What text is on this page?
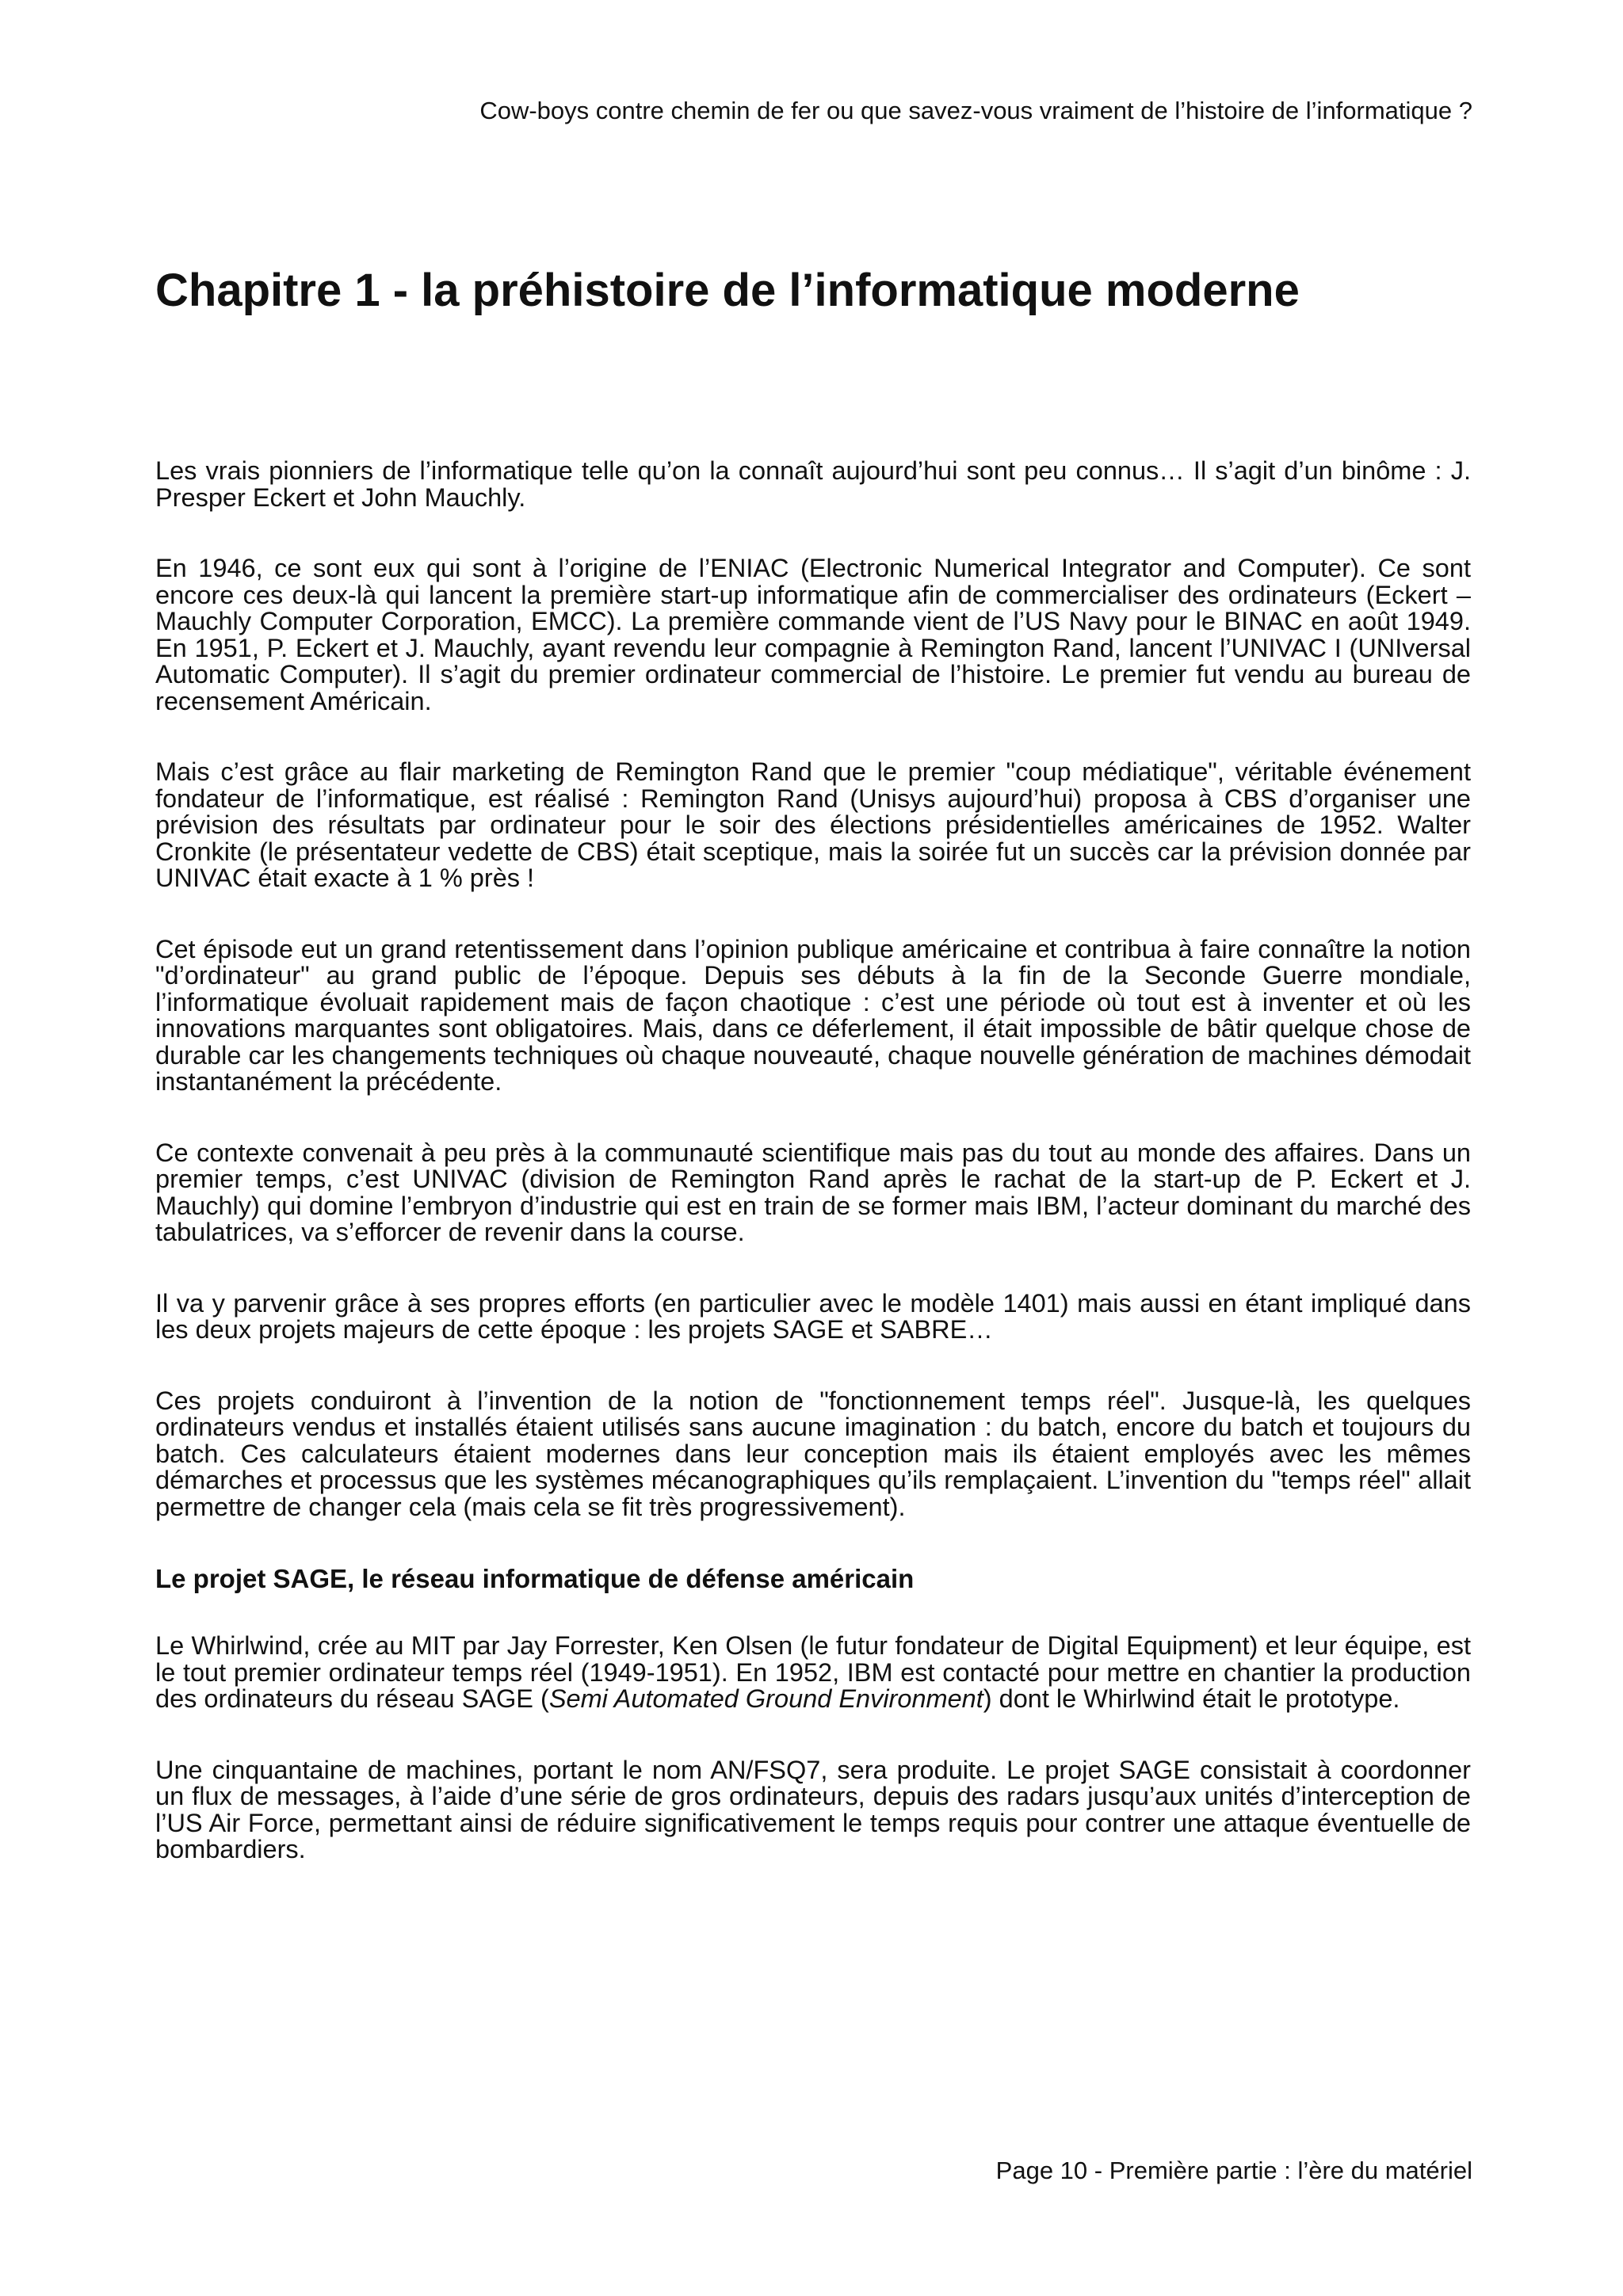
Cow-boys contre chemin de fer ou que savez-vous vraiment de l’histoire de l’informatique ?
Chapitre 1 - la préhistoire de l’informatique moderne

Les vrais pionniers de l’informatique telle qu’on la connaît aujourd’hui sont peu connus… Il s’agit d’un binôme : J. Presper Eckert et John Mauchly.

En 1946, ce sont eux qui sont à l’origine de l’ENIAC (Electronic Numerical Integrator and Computer). Ce sont encore ces deux-là qui lancent la première start-up informatique afin de commercialiser des ordinateurs (Eckert – Mauchly Computer Corporation, EMCC). La première commande vient de l’US Navy pour le BINAC en août 1949. En 1951, P. Eckert et J. Mauchly, ayant revendu leur compagnie à Remington Rand, lancent l’UNIVAC I (UNIversal Automatic Computer). Il s’agit du premier ordinateur commercial de l’histoire. Le premier fut vendu au bureau de recensement Américain.

Mais c’est grâce au flair marketing de Remington Rand que le premier "coup médiatique", véritable événement fondateur de l’informatique, est réalisé : Remington Rand (Unisys aujourd’hui) proposa à CBS d’organiser une prévision des résultats par ordinateur pour le soir des élections présidentielles américaines de 1952. Walter Cronkite (le présentateur vedette de CBS) était sceptique, mais la soirée fut un succès car la prévision donnée par UNIVAC était exacte à 1 % près !

Cet épisode eut un grand retentissement dans l’opinion publique américaine et contribua à faire connaître la notion "d’ordinateur" au grand public de l’époque. Depuis ses débuts à la fin de la Seconde Guerre mondiale, l’informatique évoluait rapidement mais de façon chaotique : c’est une période où tout est à inventer et où les innovations marquantes sont obligatoires. Mais, dans ce déferlement, il était impossible de bâtir quelque chose de durable car les changements techniques où chaque nouveauté, chaque nouvelle génération de machines démodait instantanément la précédente.

Ce contexte convenait à peu près à la communauté scientifique mais pas du tout au monde des affaires. Dans un premier temps, c’est UNIVAC (division de Remington Rand après le rachat de la start-up de P. Eckert et J. Mauchly) qui domine l’embryon d’industrie qui est en train de se former mais IBM, l’acteur dominant du marché des tabulatrices, va s’efforcer de revenir dans la course.

Il va y parvenir grâce à ses propres efforts (en particulier avec le modèle 1401) mais aussi en étant impliqué dans les deux projets majeurs de cette époque : les projets SAGE et SABRE…

Ces projets conduiront à l’invention de la notion de "fonctionnement temps réel". Jusque-là, les quelques ordinateurs vendus et installés étaient utilisés sans aucune imagination : du batch, encore du batch et toujours du batch. Ces calculateurs étaient modernes dans leur conception mais ils étaient employés avec les mêmes démarches et processus que les systèmes mécanographiques qu’ils remplaçaient. L’invention du "temps réel" allait permettre de changer cela (mais cela se fit très progressivement).

Le projet SAGE, le réseau informatique de défense américain

Le Whirlwind, crée au MIT par Jay Forrester, Ken Olsen (le futur fondateur de Digital Equipment) et leur équipe, est le tout premier ordinateur temps réel (1949-1951). En 1952, IBM est contacté pour mettre en chantier la production des ordinateurs du réseau SAGE (Semi Automated Ground Environment) dont le Whirlwind était le prototype.

Une cinquantaine de machines, portant le nom AN/FSQ7, sera produite. Le projet SAGE consistait à coordonner un flux de messages, à l’aide d’une série de gros ordinateurs, depuis des radars jusqu’aux unités d’interception de l’US Air Force, permettant ainsi de réduire significativement le temps requis pour contrer une attaque éventuelle de bombardiers.

Page 10 - Première partie : l’ère du matériel
